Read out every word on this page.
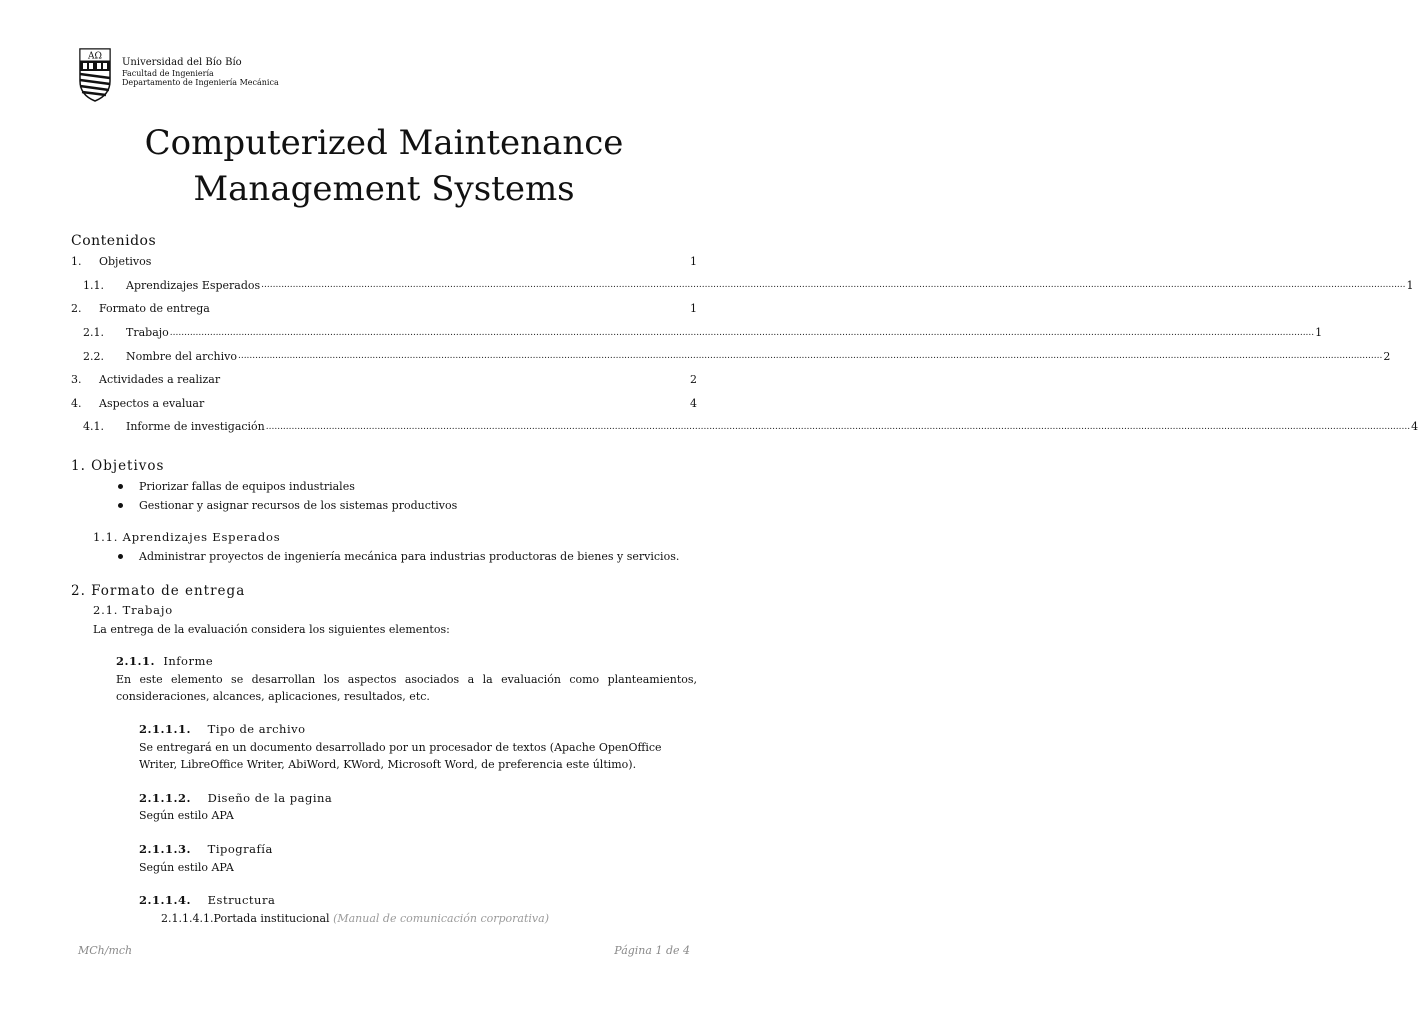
ΑΩ
Universidad del Bío Bío
Facultad de Ingeniería
Departamento de Ingeniería Mecánica
Computerized Maintenance Management Systems
Contenidos
1.	Objetivos	1
1.1.	Aprendizajes Esperados ................................................................................................................................................................................................................................................................................................................................................................................................................ 1
2.	Formato de entrega	1
2.1.	Trabajo ................................................................................................................................................................................................................................................................................................................................................................................................................ 1
2.2.	Nombre del archivo ................................................................................................................................................................................................................................................................................................................................................................................................................ 2
3.	Actividades a realizar	2
4.	Aspectos a evaluar	4
4.1.	Informe de investigación ................................................................................................................................................................................................................................................................................................................................................................................................................ 4
1. Objetivos
Priorizar fallas de equipos industriales
Gestionar y asignar recursos de los sistemas productivos
1.1. Aprendizajes Esperados
Administrar proyectos de ingeniería mecánica para industrias productoras de bienes y servicios.
2. Formato de entrega
2.1. Trabajo
La entrega de la evaluación considera los siguientes elementos:
2.1.1. Informe
En este elemento se desarrollan los aspectos asociados a la evaluación como planteamientos, consideraciones, alcances, aplicaciones, resultados, etc.
2.1.1.1. Tipo de archivo
Se entregará en un documento desarrollado por un procesador de textos (Apache OpenOffice Writer, LibreOffice Writer, AbiWord, KWord, Microsoft Word, de preferencia este último).
2.1.1.2. Diseño de la pagina
Según estilo APA
2.1.1.3. Tipografía
Según estilo APA
2.1.1.4. Estructura
2.1.1.4.1.Portada institucional (Manual de comunicación corporativa)
MCh/mch	Página 1 de 4
